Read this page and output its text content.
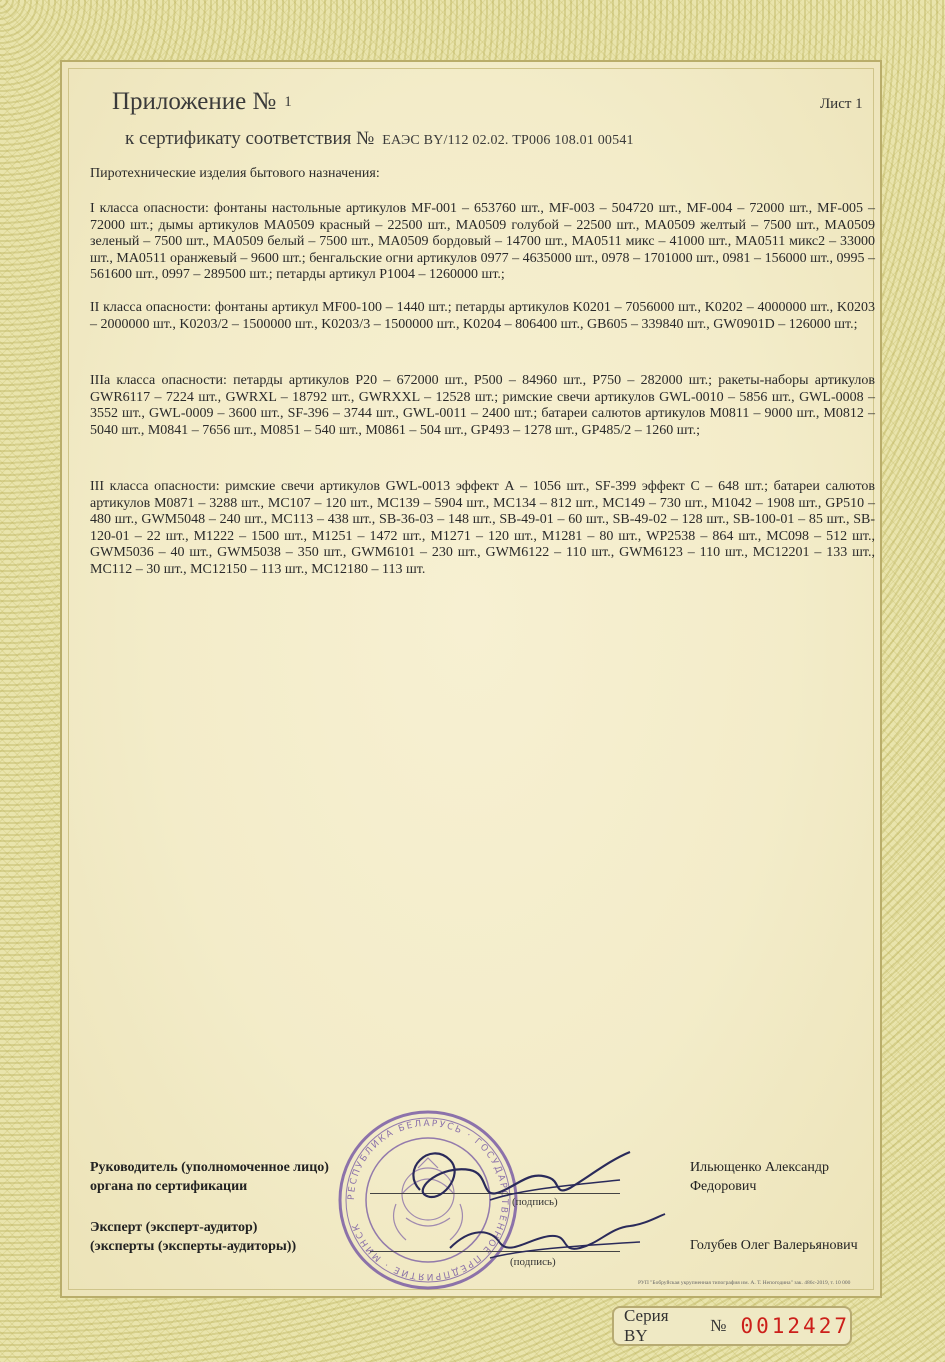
Приложение № 1	Лист 1
к сертификату соответствия № ЕАЭС BY/112 02.02. ТР006 108.01 00541
Пиротехнические изделия бытового назначения:
I класса опасности: фонтаны настольные артикулов MF-001 – 653760 шт., MF-003 – 504720 шт., MF-004 – 72000 шт., MF-005 – 72000 шт.; дымы артикулов MA0509 красный – 22500 шт., MA0509 голубой – 22500 шт., MA0509 желтый – 7500 шт., MA0509 зеленый – 7500 шт., MA0509 белый – 7500 шт., MA0509 бордовый – 14700 шт., MA0511 микс – 41000 шт., MA0511 микс2 – 33000 шт., MA0511 оранжевый – 9600 шт.; бенгальские огни артикулов 0977 – 4635000 шт., 0978 – 1701000 шт., 0981 – 156000 шт., 0995 – 561600 шт., 0997 – 289500 шт.; петарды артикул P1004 – 1260000 шт.;
II класса опасности: фонтаны артикул MF00-100 – 1440 шт.; петарды артикулов K0201 – 7056000 шт., K0202 – 4000000 шт., K0203 – 2000000 шт., K0203/2 – 1500000 шт., K0203/3 – 1500000 шт., K0204 – 806400 шт., GB605 – 339840 шт., GW0901D – 126000 шт.;
IIIa класса опасности: петарды артикулов P20 – 672000 шт., P500 – 84960 шт., P750 – 282000 шт.; ракеты-наборы артикулов GWR6117 – 7224 шт., GWRXL – 18792 шт., GWRXXL – 12528 шт.; римские свечи артикулов GWL-0010 – 5856 шт., GWL-0008 – 3552 шт., GWL-0009 – 3600 шт., SF-396 – 3744 шт., GWL-0011 – 2400 шт.; батареи салютов артикулов M0811 – 9000 шт., M0812 – 5040 шт., M0841 – 7656 шт., M0851 – 540 шт., M0861 – 504 шт., GP493 – 1278 шт., GP485/2 – 1260 шт.;
III класса опасности: римские свечи артикулов GWL-0013 эффект А – 1056 шт., SF-399 эффект С – 648 шт.; батареи салютов артикулов M0871 – 3288 шт., MC107 – 120 шт., MC139 – 5904 шт., MC134 – 812 шт., MC149 – 730 шт., M1042 – 1908 шт., GP510 – 480 шт., GWM5048 – 240 шт., MC113 – 438 шт., SB-36-03 – 148 шт., SB-49-01 – 60 шт., SB-49-02 – 128 шт., SB-100-01 – 85 шт., SB-120-01 – 22 шт., M1222 – 1500 шт., M1251 – 1472 шт., M1271 – 120 шт., M1281 – 80 шт., WP2538 – 864 шт., MC098 – 512 шт., GWM5036 – 40 шт., GWM5038 – 350 шт., GWM6101 – 230 шт., GWM6122 – 110 шт., GWM6123 – 110 шт., MC12201 – 133 шт., MC112 – 30 шт., MC12150 – 113 шт., MC12180 – 113 шт.
РЕСПУБЛИКА БЕЛАРУСЬ · ГОСУДАРСТВЕННОЕ ПРЕДПРИЯТИЕ · МИНСК
Руководитель (уполномоченное лицо)
органа по сертификации
(подпись)
Ильющенко Александр
Федорович
Эксперт (эксперт-аудитор)
(эксперты (эксперты-аудиторы))
(подпись)
Голубев Олег Валерьянович
РУП "Бобруйская укрупненная типография им. А. Т. Непогодина" зак. 486с-2019, т. 10 000
Серия BY
№ 0012427
